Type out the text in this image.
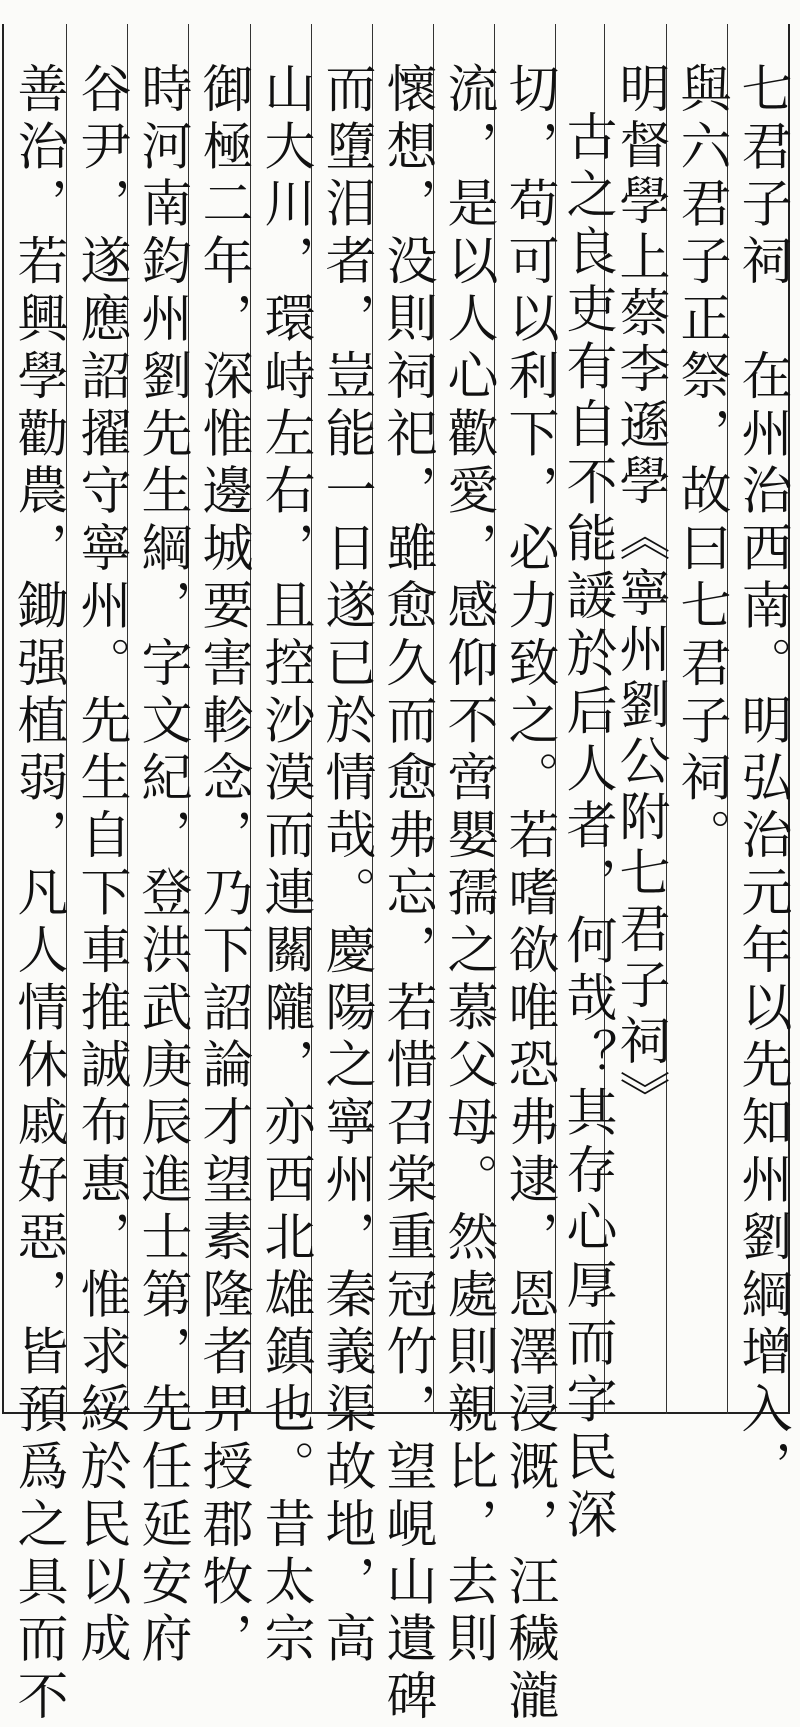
七君子祠　在州治西南。明弘治元年以先知州劉綱增入，
與六君子正祭，故曰七君子祠。
明督學上蔡李遜學《寧州劉公附七君子祠》
古之良吏有自不能諼於后人者，何哉？其存心厚而字民深
切，苟可以利下，必力致之。若嗜欲唯恐弗逮，恩澤浸溉，汪穢瀧
流，是以人心歡愛，感仰不啻嬰孺之慕父母。然處則親比，去則
懷想，没則祠祀，雖愈久而愈弗忘，若惜召棠重冠竹，望峴山遺碑
而墮泪者，豈能一日遂已於情哉。慶陽之寧州，秦義渠故地，高
山大川，環峙左右，且控沙漠而連關隴，亦西北雄鎮也。昔太宗
御極二年，深惟邊城要害軫念，乃下詔論才望素隆者畀授郡牧，
時河南鈞州劉先生綱，字文紀，登洪武庚辰進士第，先任延安府
谷尹，遂應詔擢守寧州。先生自下車推誠布惠，惟求綏於民以成
善治，若興學勸農，鋤强植弱，凡人情休戚好惡，皆預爲之具而不
